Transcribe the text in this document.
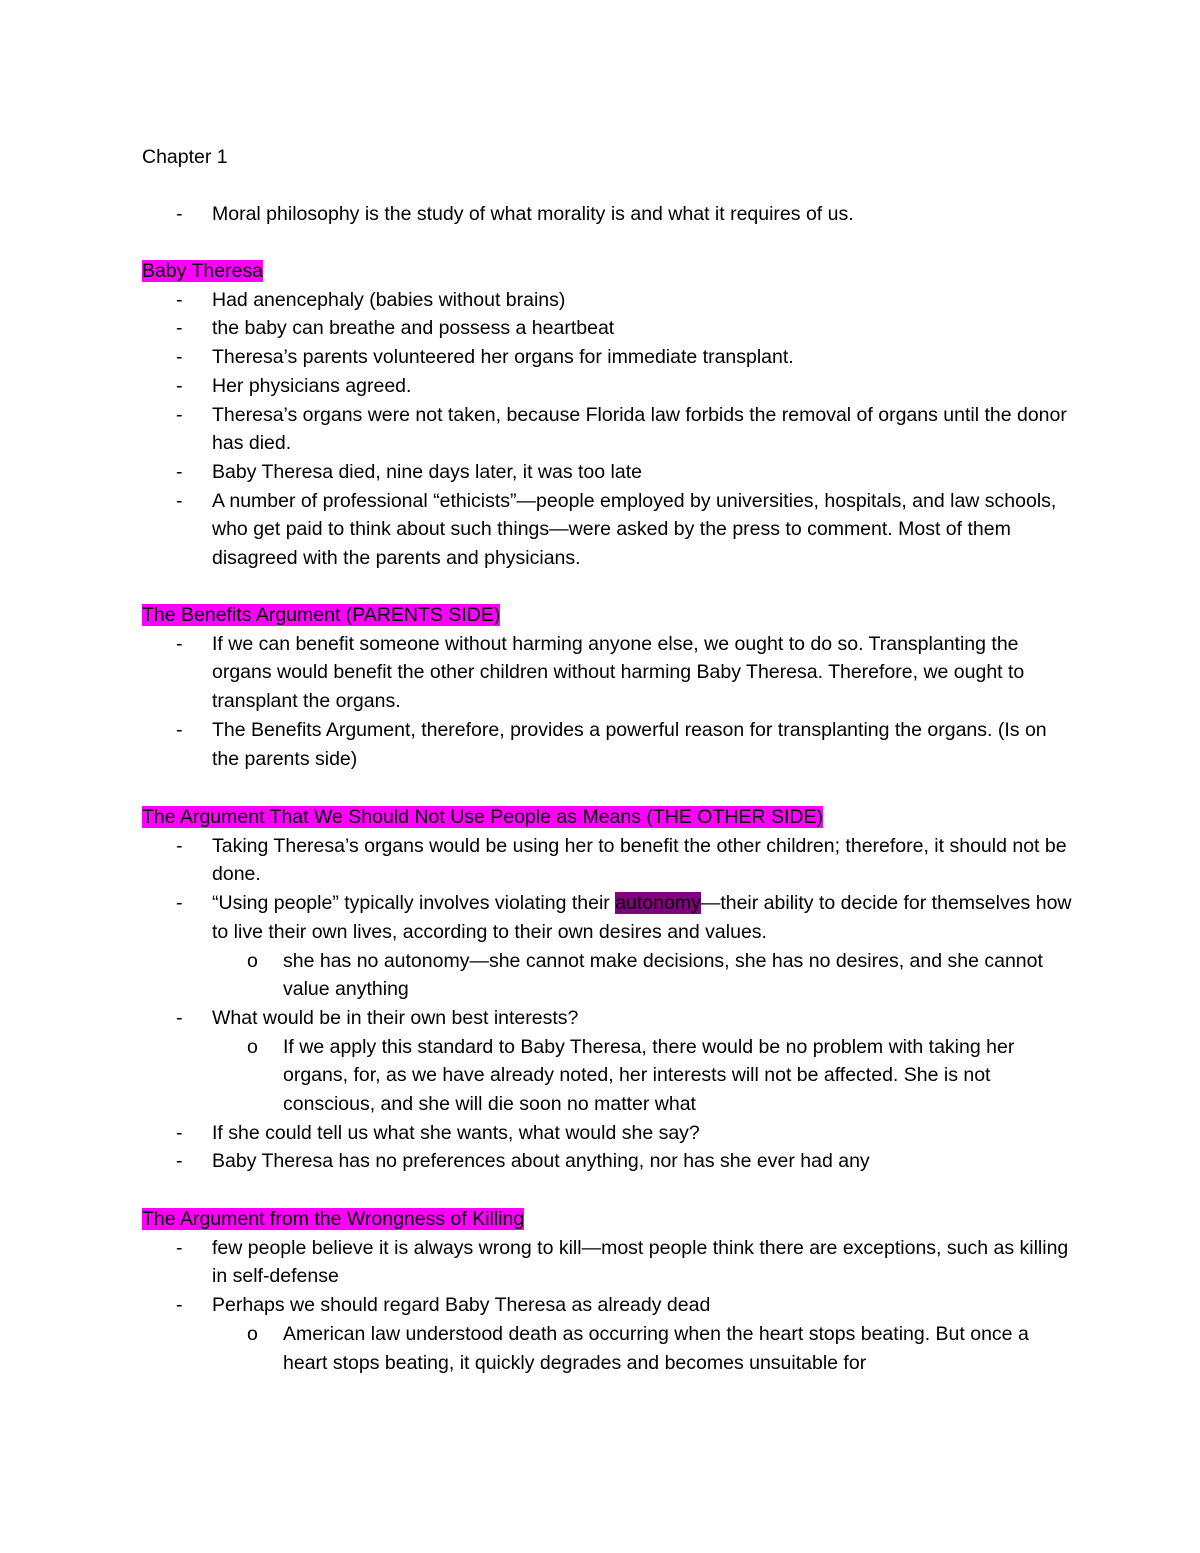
Chapter 1
- Moral philosophy is the study of what morality is and what it requires of us.
Baby Theresa
- Had anencephaly (babies without brains)
- the baby can breathe and possess a heartbeat
- Theresa’s parents volunteered her organs for immediate transplant.
- Her physicians agreed.
- Theresa’s organs were not taken, because Florida law forbids the removal of organs until the donor has died.
- Baby Theresa died, nine days later, it was too late
- A number of professional “ethicists”—people employed by universities, hospitals, and law schools, who get paid to think about such things—were asked by the press to comment. Most of them disagreed with the parents and physicians.
The Benefits Argument (PARENTS SIDE)
- If we can benefit someone without harming anyone else, we ought to do so. Transplanting the organs would benefit the other children without harming Baby Theresa. Therefore, we ought to transplant the organs.
- The Benefits Argument, therefore, provides a powerful reason for transplanting the organs. (Is on the parents side)
The Argument That We Should Not Use People as Means (THE OTHER SIDE)
- Taking Theresa’s organs would be using her to benefit the other children; therefore, it should not be done.
- “Using people” typically involves violating their autonomy—their ability to decide for themselves how to live their own lives, according to their own desires and values.
o she has no autonomy—she cannot make decisions, she has no desires, and she cannot value anything
- What would be in their own best interests?
o If we apply this standard to Baby Theresa, there would be no problem with taking her organs, for, as we have already noted, her interests will not be affected. She is not conscious, and she will die soon no matter what
- If she could tell us what she wants, what would she say?
- Baby Theresa has no preferences about anything, nor has she ever had any
The Argument from the Wrongness of Killing
- few people believe it is always wrong to kill—most people think there are exceptions, such as killing in self-defense
- Perhaps we should regard Baby Theresa as already dead
o American law understood death as occurring when the heart stops beating. But once a heart stops beating, it quickly degrades and becomes unsuitable for
